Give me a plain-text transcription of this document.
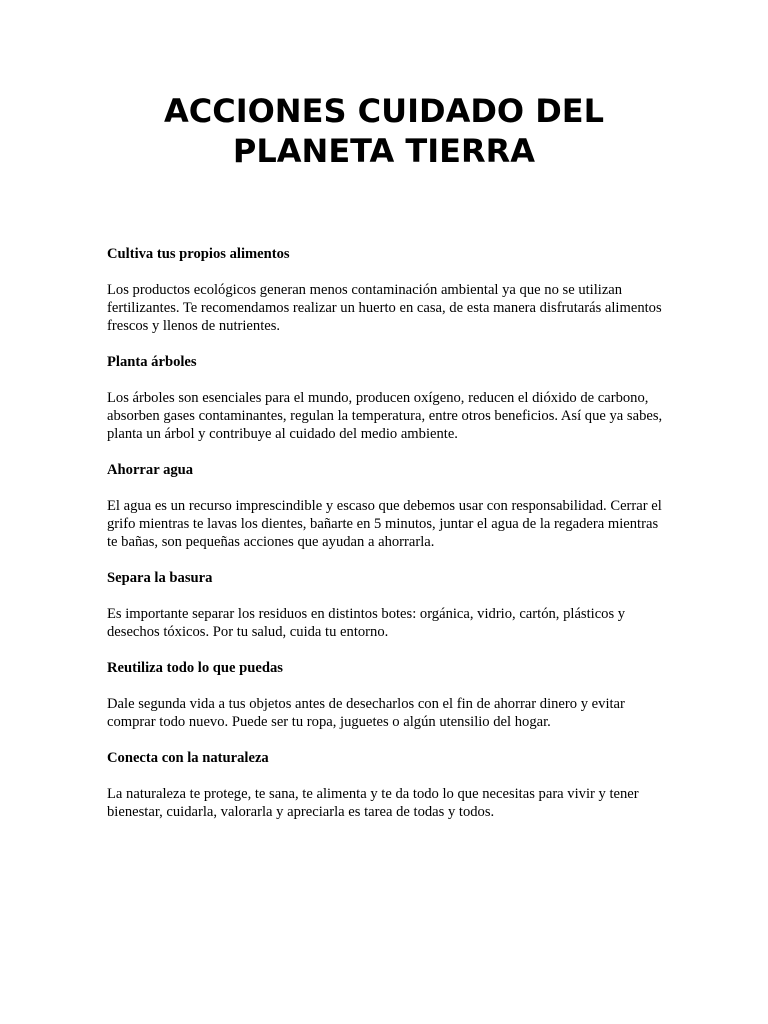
ACCIONES CUIDADO DEL PLANETA TIERRA

Cultiva tus propios alimentos

Los productos ecológicos generan menos contaminación ambiental ya que no se utilizan fertilizantes. Te recomendamos realizar un huerto en casa, de esta manera disfrutarás alimentos frescos y llenos de nutrientes.

Planta árboles

Los árboles son esenciales para el mundo, producen oxígeno, reducen el dióxido de carbono, absorben gases contaminantes, regulan la temperatura, entre otros beneficios. Así que ya sabes, planta un árbol y contribuye al cuidado del medio ambiente.

Ahorrar agua

El agua es un recurso imprescindible y escaso que debemos usar con responsabilidad. Cerrar el grifo mientras te lavas los dientes, bañarte en 5 minutos, juntar el agua de la regadera mientras te bañas, son pequeñas acciones que ayudan a ahorrarla.

Separa la basura

Es importante separar los residuos en distintos botes: orgánica, vidrio, cartón, plásticos y desechos tóxicos. Por tu salud, cuida tu entorno.

Reutiliza todo lo que puedas

Dale segunda vida a tus objetos antes de desecharlos con el fin de ahorrar dinero y evitar comprar todo nuevo. Puede ser tu ropa, juguetes o algún utensilio del hogar.

Conecta con la naturaleza

La naturaleza te protege, te sana, te alimenta y te da todo lo que necesitas para vivir y tener bienestar, cuidarla, valorarla y apreciarla es tarea de todas y todos.
